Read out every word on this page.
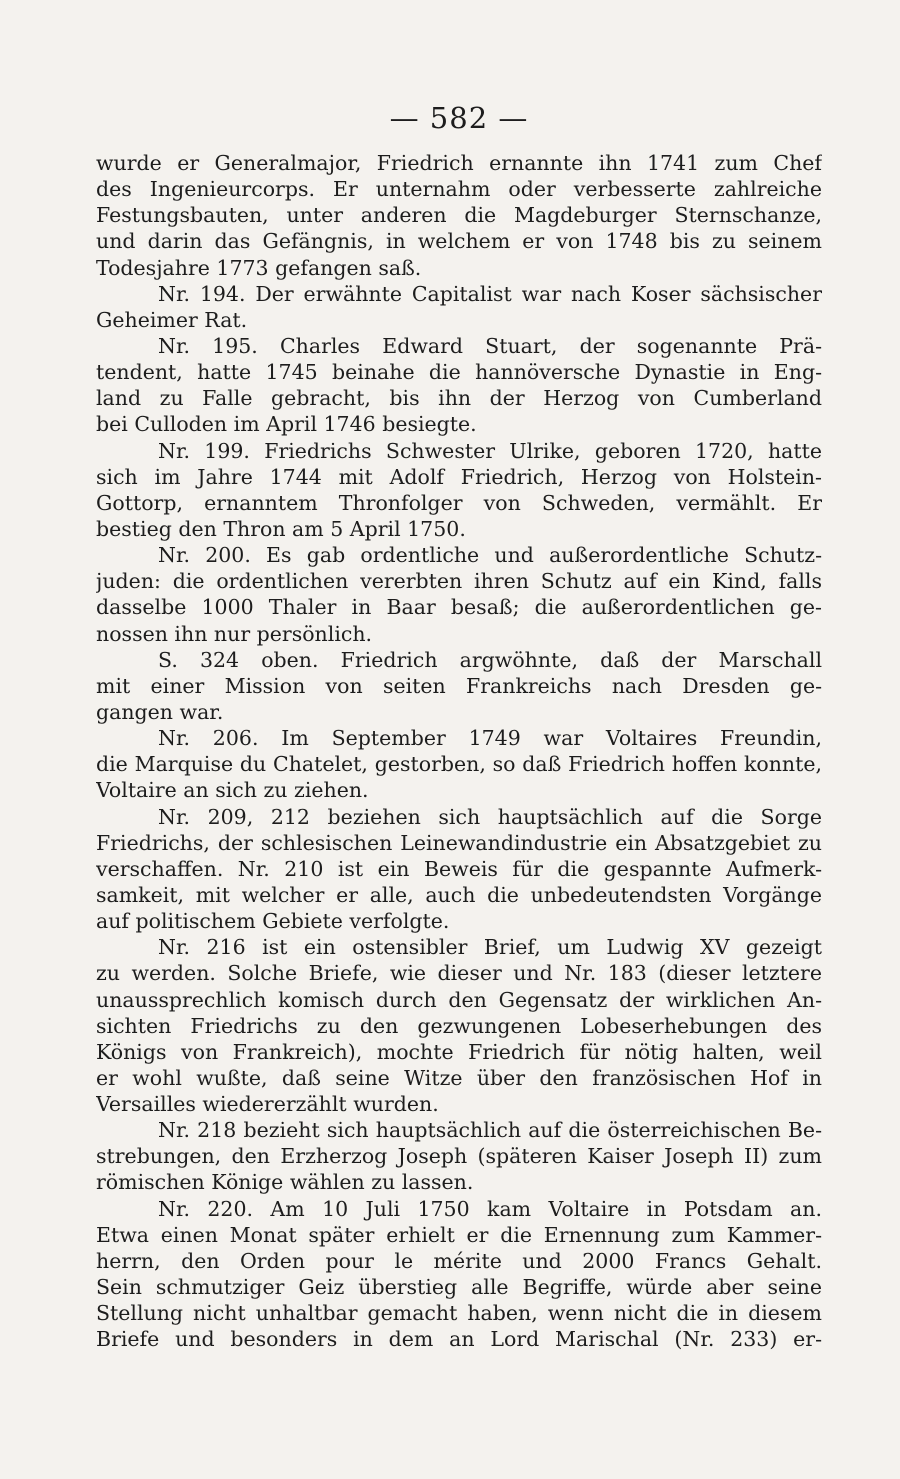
— 582 —
wurde er Generalmajor, Friedrich ernannte ihn 1741 zum Chef
des Ingenieurcorps. Er unternahm oder verbesserte zahlreiche
Festungsbauten, unter anderen die Magdeburger Sternschanze,
und darin das Gefängnis, in welchem er von 1748 bis zu seinem
Todesjahre 1773 gefangen saß.
Nr. 194. Der erwähnte Capitalist war nach Koser sächsischer
Geheimer Rat.
Nr. 195. Charles Edward Stuart, der sogenannte Prä-
tendent, hatte 1745 beinahe die hannöversche Dynastie in Eng-
land zu Falle gebracht, bis ihn der Herzog von Cumberland
bei Culloden im April 1746 besiegte.
Nr. 199. Friedrichs Schwester Ulrike, geboren 1720, hatte
sich im Jahre 1744 mit Adolf Friedrich, Herzog von Holstein-
Gottorp, ernanntem Thronfolger von Schweden, vermählt. Er
bestieg den Thron am 5 April 1750.
Nr. 200. Es gab ordentliche und außerordentliche Schutz-
juden: die ordentlichen vererbten ihren Schutz auf ein Kind, falls
dasselbe 1000 Thaler in Baar besaß; die außerordentlichen ge-
nossen ihn nur persönlich.
S. 324 oben. Friedrich argwöhnte, daß der Marschall
mit einer Mission von seiten Frankreichs nach Dresden ge-
gangen war.
Nr. 206. Im September 1749 war Voltaires Freundin,
die Marquise du Chatelet, gestorben, so daß Friedrich hoffen konnte,
Voltaire an sich zu ziehen.
Nr. 209, 212 beziehen sich hauptsächlich auf die Sorge
Friedrichs, der schlesischen Leinewandindustrie ein Absatzgebiet zu
verschaffen. Nr. 210 ist ein Beweis für die gespannte Aufmerk-
samkeit, mit welcher er alle, auch die unbedeutendsten Vorgänge
auf politischem Gebiete verfolgte.
Nr. 216 ist ein ostensibler Brief, um Ludwig XV gezeigt
zu werden. Solche Briefe, wie dieser und Nr. 183 (dieser letztere
unaussprechlich komisch durch den Gegensatz der wirklichen An-
sichten Friedrichs zu den gezwungenen Lobeserhebungen des
Königs von Frankreich), mochte Friedrich für nötig halten, weil
er wohl wußte, daß seine Witze über den französischen Hof in
Versailles wiedererzählt wurden.
Nr. 218 bezieht sich hauptsächlich auf die österreichischen Be-
strebungen, den Erzherzog Joseph (späteren Kaiser Joseph II) zum
römischen Könige wählen zu lassen.
Nr. 220. Am 10 Juli 1750 kam Voltaire in Potsdam an.
Etwa einen Monat später erhielt er die Ernennung zum Kammer-
herrn, den Orden pour le mérite und 2000 Francs Gehalt.
Sein schmutziger Geiz überstieg alle Begriffe, würde aber seine
Stellung nicht unhaltbar gemacht haben, wenn nicht die in diesem
Briefe und besonders in dem an Lord Marischal (Nr. 233) er-
